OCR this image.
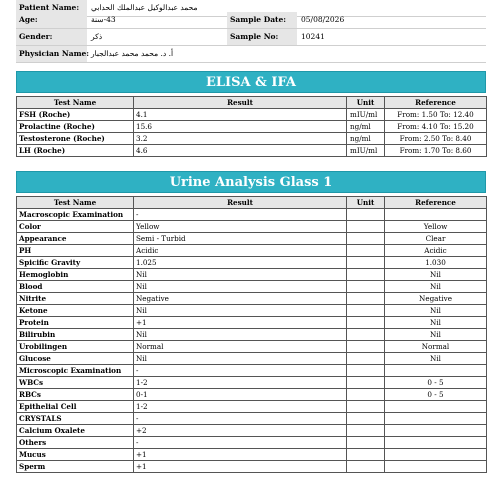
Patient Name:	محمد عبدالوكيل عبدالملك الحدابي
Age:	43-سنة	Sample Date:	05/08/2026
Gender:	ذكر	Sample No:	10241
Physician Name: أ. د. محمد محمد عبدالجبار
ELISA & IFA
Test Name	Result	Unit	Reference
FSH (Roche)	4.1	mIU/ml	From: 1.50 To: 12.40
Prolactine (Roche)	15.6	ng/ml	From: 4.10 To: 15.20
Testosterone (Roche)	3.2	ng/ml	From: 2.50 To: 8.40
LH (Roche)	4.6	mIU/ml	From: 1.70 To: 8.60
Urine Analysis Glass 1
Test Name	Result	Unit	Reference
Macroscopic Examination	-		
Color	Yellow		Yellow
Appearance	Semi - Turbid		Clear
PH	Acidic		Acidic
Spicific Gravity	1.025		1.030
Hemoglobin	Nil		Nil
Blood	Nil		Nil
Nitrite	Negative		Negative
Ketone	Nil		Nil
Protein	+1		Nil
Bilirubin	Nil		Nil
Urobilingen	Normal		Normal
Glucose	Nil		Nil
Microscopic Examination	-		
WBCs	1-2		0 - 5
RBCs	0-1		0 - 5
Epithelial Cell	1-2		
CRYSTALS	-		
Calcium Oxalete	+2		
Others	-		
Mucus	+1		
Sperm	+1		
